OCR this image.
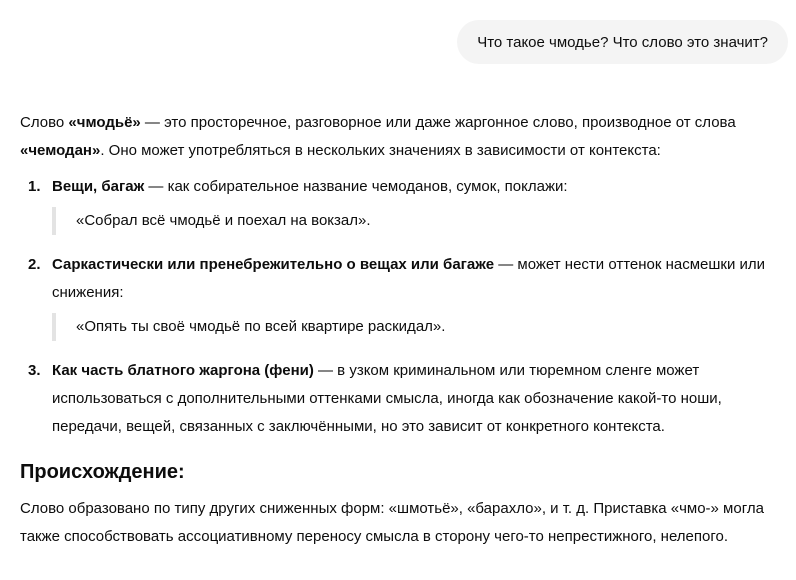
Что такое чмодье? Что слово это значит?

Слово «чмодьё» — это просторечное, разговорное или даже жаргонное слово, производное от слова «чемодан». Оно может употребляться в нескольких значениях в зависимости от контекста:

1. Вещи, багаж — как собирательное название чемоданов, сумок, поклажи:
«Собрал всё чмодьё и поехал на вокзал».
2. Саркастически или пренебрежительно о вещах или багаже — может нести оттенок насмешки или снижения:
«Опять ты своё чмодьё по всей квартире раскидал».
3. Как часть блатного жаргона (фени) — в узком криминальном или тюремном сленге может использоваться с дополнительными оттенками смысла, иногда как обозначение какой-то ноши, передачи, вещей, связанных с заключёнными, но это зависит от конкретного контекста.
Происхождение:

Слово образовано по типу других сниженных форм: «шмотьё», «барахло», и т. д. Приставка «чмо-» могла также способствовать ассоциативному переносу смысла в сторону чего-то непрестижного, нелепого.
